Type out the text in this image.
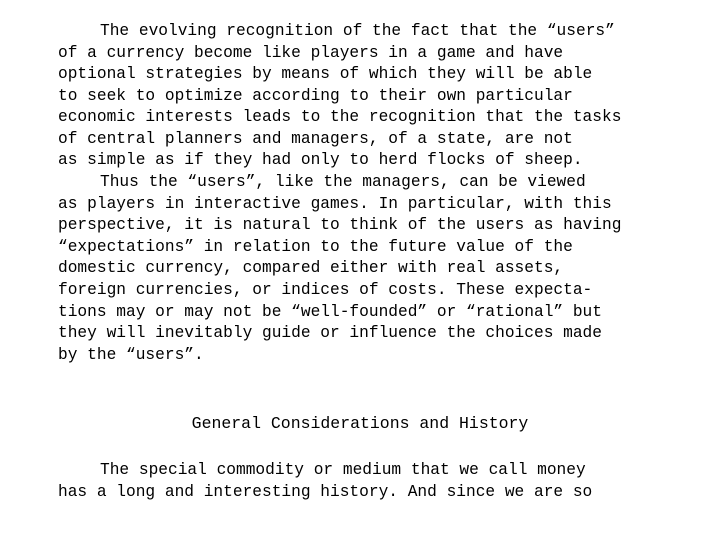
The evolving recognition of the fact that the “users”
of a currency become like players in a game and have
optional strategies by means of which they will be able
to seek to optimize according to their own particular
economic interests leads to the recognition that the tasks
of central planners and managers, of a state, are not
as simple as if they had only to herd flocks of sheep.
Thus the “users”, like the managers, can be viewed
as players in interactive games. In particular, with this
perspective, it is natural to think of the users as having
“expectations” in relation to the future value of the
domestic currency, compared either with real assets,
foreign currencies, or indices of costs. These expecta-
tions may or may not be “well-founded” or “rational” but
they will inevitably guide or influence the choices made
by the “users”.
General Considerations and History
The special commodity or medium that we call money
has a long and interesting history. And since we are so
